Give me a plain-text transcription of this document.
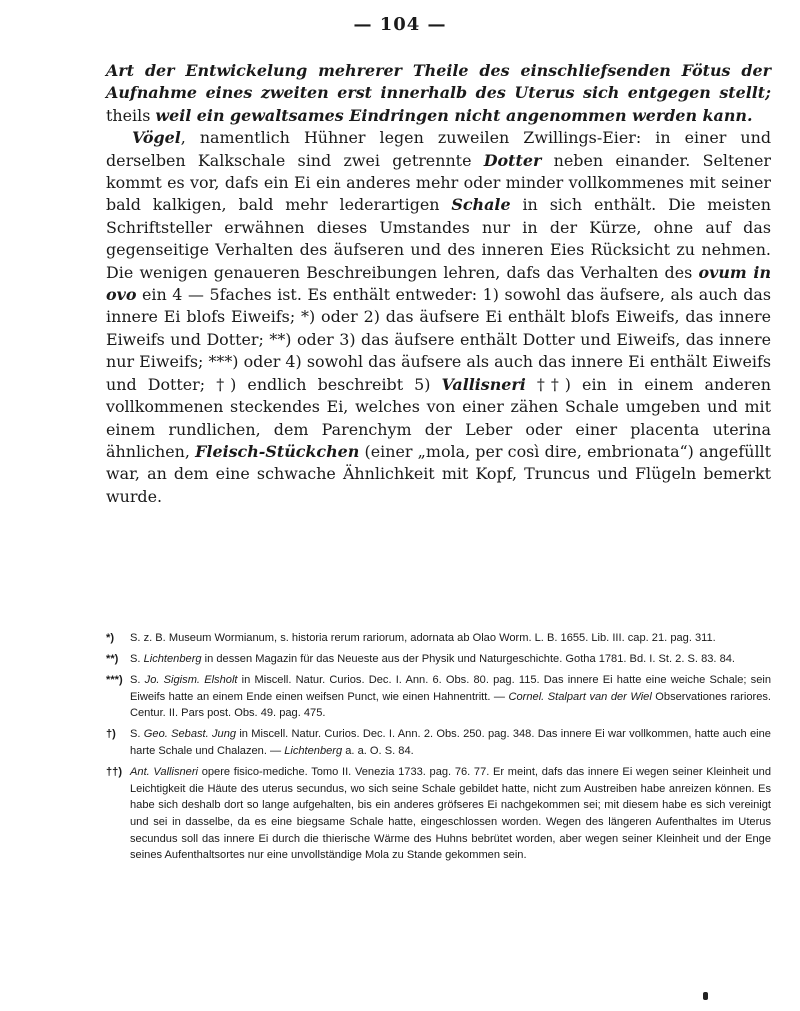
— 104 —

Art der Entwickelung mehrerer Theile des einschliefsenden Fötus der Aufnahme eines zweiten erst innerhalb des Uterus sich entgegen stellt; theils weil ein gewaltsames Eindringen nicht angenommen werden kann.

Vögel, namentlich Hühner legen zuweilen Zwillings-Eier: in einer und derselben Kalkschale sind zwei getrennte Dotter neben einander. Seltener kommt es vor, dafs ein Ei ein anderes mehr oder minder vollkommenes mit seiner bald kalkigen, bald mehr lederartigen Schale in sich enthält. Die meisten Schriftsteller erwähnen dieses Umstandes nur in der Kürze, ohne auf das gegenseitige Verhalten des äufseren und des inneren Eies Rücksicht zu nehmen. Die wenigen genaueren Beschreibungen lehren, dafs das Verhalten des ovum in ovo ein 4 — 5faches ist. Es enthält entweder: 1) sowohl das äufsere, als auch das innere Ei blofs Eiweifs; *) oder 2) das äufsere Ei enthält blofs Eiweifs, das innere Eiweifs und Dotter; **) oder 3) das äufsere enthält Dotter und Eiweifs, das innere nur Eiweifs; ***) oder 4) sowohl das äufsere als auch das innere Ei enthält Eiweifs und Dotter; †) endlich beschreibt 5) Vallisneri ††) ein in einem anderen vollkommenen steckendes Ei, welches von einer zähen Schale umgeben und mit einem rundlichen, dem Parenchym der Leber oder einer placenta uterina ähnlichen, Fleisch-Stückchen (einer „mola, per così dire, embrionata“) angefüllt war, an dem eine schwache Ähnlichkeit mit Kopf, Truncus und Flügeln bemerkt wurde.

*) S. z. B. Museum Wormianum, s. historia rerum rariorum, adornata ab Olao Worm. L. B. 1655. Lib. III. cap. 21. pag. 311.
**) S. Lichtenberg in dessen Magazin für das Neueste aus der Physik und Naturgeschichte. Gotha 1781. Bd. I. St. 2. S. 83. 84.
***) S. Jo. Sigism. Elsholt in Miscell. Natur. Curios. Dec. I. Ann. 6. Obs. 80. pag. 115. Das innere Ei hatte eine weiche Schale; sein Eiweifs hatte an einem Ende einen weifsen Punct, wie einen Hahnentritt. — Cornel. Stalpart van der Wiel Observationes rariores. Centur. II. Pars post. Obs. 49. pag. 475.
†) S. Geo. Sebast. Jung in Miscell. Natur. Curios. Dec. I. Ann. 2. Obs. 250. pag. 348. Das innere Ei war vollkommen, hatte auch eine harte Schale und Chalazen. — Lichtenberg a. a. O. S. 84.
††) Ant. Vallisneri opere fisico-mediche. Tomo II. Venezia 1733. pag. 76. 77. Er meint, dafs das innere Ei wegen seiner Kleinheit und Leichtigkeit die Häute des uterus secundus, wo sich seine Schale gebildet hatte, nicht zum Austreiben habe anreizen können. Es habe sich deshalb dort so lange aufgehalten, bis ein anderes gröfseres Ei nachgekommen sei; mit diesem habe es sich vereinigt und sei in dasselbe, da es eine biegsame Schale hatte, eingeschlossen worden. Wegen des längeren Aufenthaltes im Uterus secundus soll das innere Ei durch die thierische Wärme des Huhns bebrütet worden, aber wegen seiner Kleinheit und der Enge seines Aufenthaltsortes nur eine unvollständige Mola zu Stande gekommen sein.
